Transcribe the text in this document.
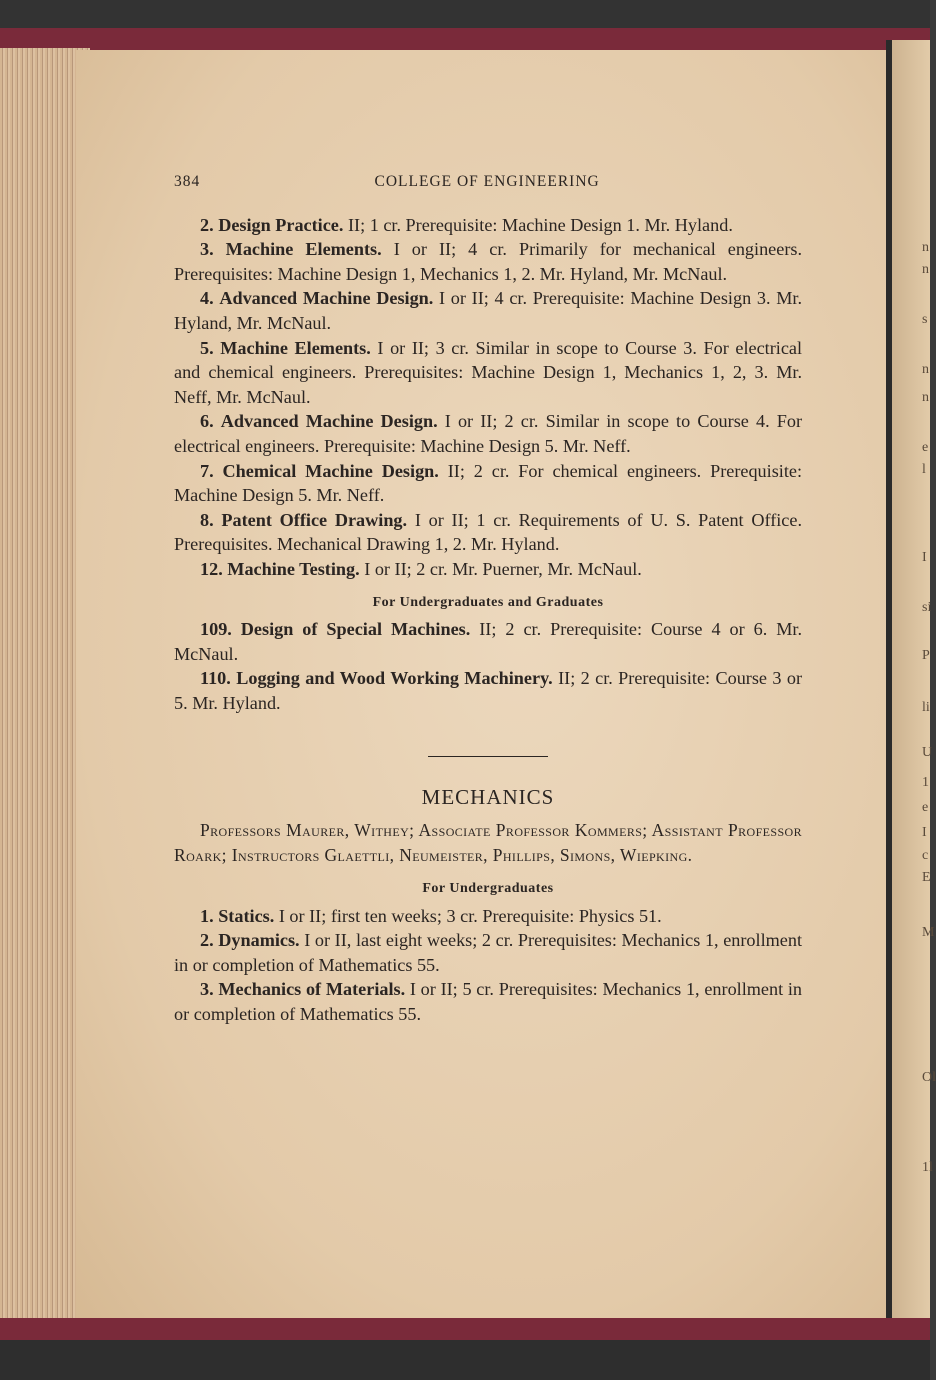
n
n
s
n
n
e
l
I
si
P
li
U
1
e
I
c
E
M
Ol
1l
384	COLLEGE OF ENGINEERING

2. Design Practice. II; 1 cr. Prerequisite: Machine Design 1. Mr. Hyland.

3. Machine Elements. I or II; 4 cr. Primarily for mechanical engineers. Prerequisites: Machine Design 1, Mechanics 1, 2. Mr. Hyland, Mr. McNaul.

4. Advanced Machine Design. I or II; 4 cr. Prerequisite: Machine Design 3. Mr. Hyland, Mr. McNaul.

5. Machine Elements. I or II; 3 cr. Similar in scope to Course 3. For electrical and chemical engineers. Prerequisites: Machine Design 1, Mechanics 1, 2, 3. Mr. Neff, Mr. McNaul.

6. Advanced Machine Design. I or II; 2 cr. Similar in scope to Course 4. For electrical engineers. Prerequisite: Machine Design 5. Mr. Neff.

7. Chemical Machine Design. II; 2 cr. For chemical engineers. Prerequisite: Machine Design 5. Mr. Neff.

8. Patent Office Drawing. I or II; 1 cr. Requirements of U. S. Patent Office. Prerequisites. Mechanical Drawing 1, 2. Mr. Hyland.

12. Machine Testing. I or II; 2 cr. Mr. Puerner, Mr. McNaul.

For Undergraduates and Graduates

109. Design of Special Machines. II; 2 cr. Prerequisite: Course 4 or 6. Mr. McNaul.

110. Logging and Wood Working Machinery. II; 2 cr. Prerequisite: Course 3 or 5. Mr. Hyland.

MECHANICS
Professors Maurer, Withey; Associate Professor Kommers; Assistant Professor Roark; Instructors Glaettli, Neumeister, Phillips, Simons, Wiepking.
For Undergraduates

1. Statics. I or II; first ten weeks; 3 cr. Prerequisite: Physics 51.

2. Dynamics. I or II, last eight weeks; 2 cr. Prerequisites: Mechanics 1, enrollment in or completion of Mathematics 55.

3. Mechanics of Materials. I or II; 5 cr. Prerequisites: Mechanics 1, enrollment in or completion of Mathematics 55.
